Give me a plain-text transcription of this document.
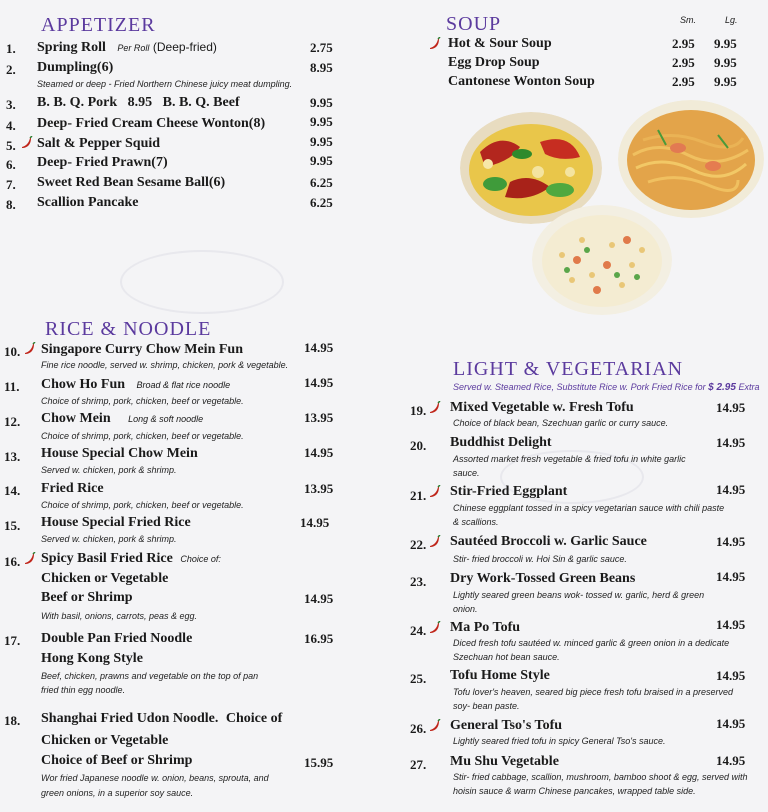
APPETIZER
1. Spring Roll Per Roll (Deep-fried)	2.75
2. Dumpling(6)	8.95
Steamed or deep - Fried Northern Chinese juicy meat dumpling.
3. B. B. Q. Pork   8.95   B. B. Q. Beef	9.95
4. Deep- Fried Cream Cheese Wonton(8)	9.95
5. Salt & Pepper Squid	9.95
6. Deep- Fried Prawn(7)	9.95
7. Sweet Red Bean Sesame Ball(6)	6.25
8. Scallion Pancake	6.25
SOUP	Sm.	Lg.
Hot & Sour Soup	2.95 9.95
Egg Drop Soup	2.95 9.95
Cantonese Wonton Soup	2.95 9.95
RICE & NOODLE
10. Singapore Curry Chow Mein Fun	14.95
Fine rice noodle, served w. shrimp, chicken, pork & vegetable.
11. Chow Ho Fun Broad & flat rice noodle	14.95
Choice of shrimp, pork, chicken, beef or vegetable.
12. Chow Mein Long & soft noodle	13.95
Choice of shrimp, pork, chicken, beef or vegetable.
13. House Special Chow Mein	14.95
Served w. chicken, pork & shrimp.
14. Fried Rice	13.95
Choice of shrimp, pork, chicken, beef or vegetable.
15. House Special Fried Rice	14.95
Served w. chicken, pork & shrimp.
16. Spicy Basil Fried Rice Choice of:
Chicken or Vegetable
Beef or Shrimp	14.95
With basil, onions, carrots, peas & egg.
17. Double Pan Fried Noodle	16.95
Hong Kong Style
Beef, chicken, prawns and vegetable on the top of pan
fried thin egg noodle.
18. Shanghai Fried Udon Noodle. Choice of
Chicken or Vegetable
Choice of Beef or Shrimp	15.95
Wor fried Japanese noodle w. onion, beans, sprouta, and
green onions, in a superior soy sauce.
LIGHT & VEGETARIAN
Served w. Steamed Rice, Substitute Rice w. Pork Fried Rice for $ 2.95 Extra
19. Mixed Vegetable w. Fresh Tofu	14.95
Choice of black bean, Szechuan garlic or curry sauce.
20. Buddhist Delight	14.95
Assorted market fresh vegetable & fried tofu in white garlic
sauce.
21. Stir-Fried Eggplant	14.95
Chinese eggplant tossed in a spicy vegetarian sauce with chili paste
& scallions.
22. Sautéed Broccoli w. Garlic Sauce	14.95
Stir- fried broccoli w. Hoi Sin & garlic sauce.
23. Dry Work-Tossed Green Beans	14.95
Lightly seared green beans wok- tossed w. garlic, herd & green
onion.
24. Ma Po Tofu	14.95
Diced fresh tofu sautéed w. minced garlic & green onion in a dedicate
Szechuan hot bean sauce.
25. Tofu Home Style	14.95
Tofu lover's heaven, seared big piece fresh tofu braised in a preserved
soy- bean paste.
26. General Tso's Tofu	14.95
Lightly seared fried tofu in spicy General Tso's sauce.
27. Mu Shu Vegetable	14.95
Stir- fried cabbage, scallion, mushroom, bamboo shoot & egg, served with
hoisin sauce & warm Chinese pancakes, wrapped table side.
